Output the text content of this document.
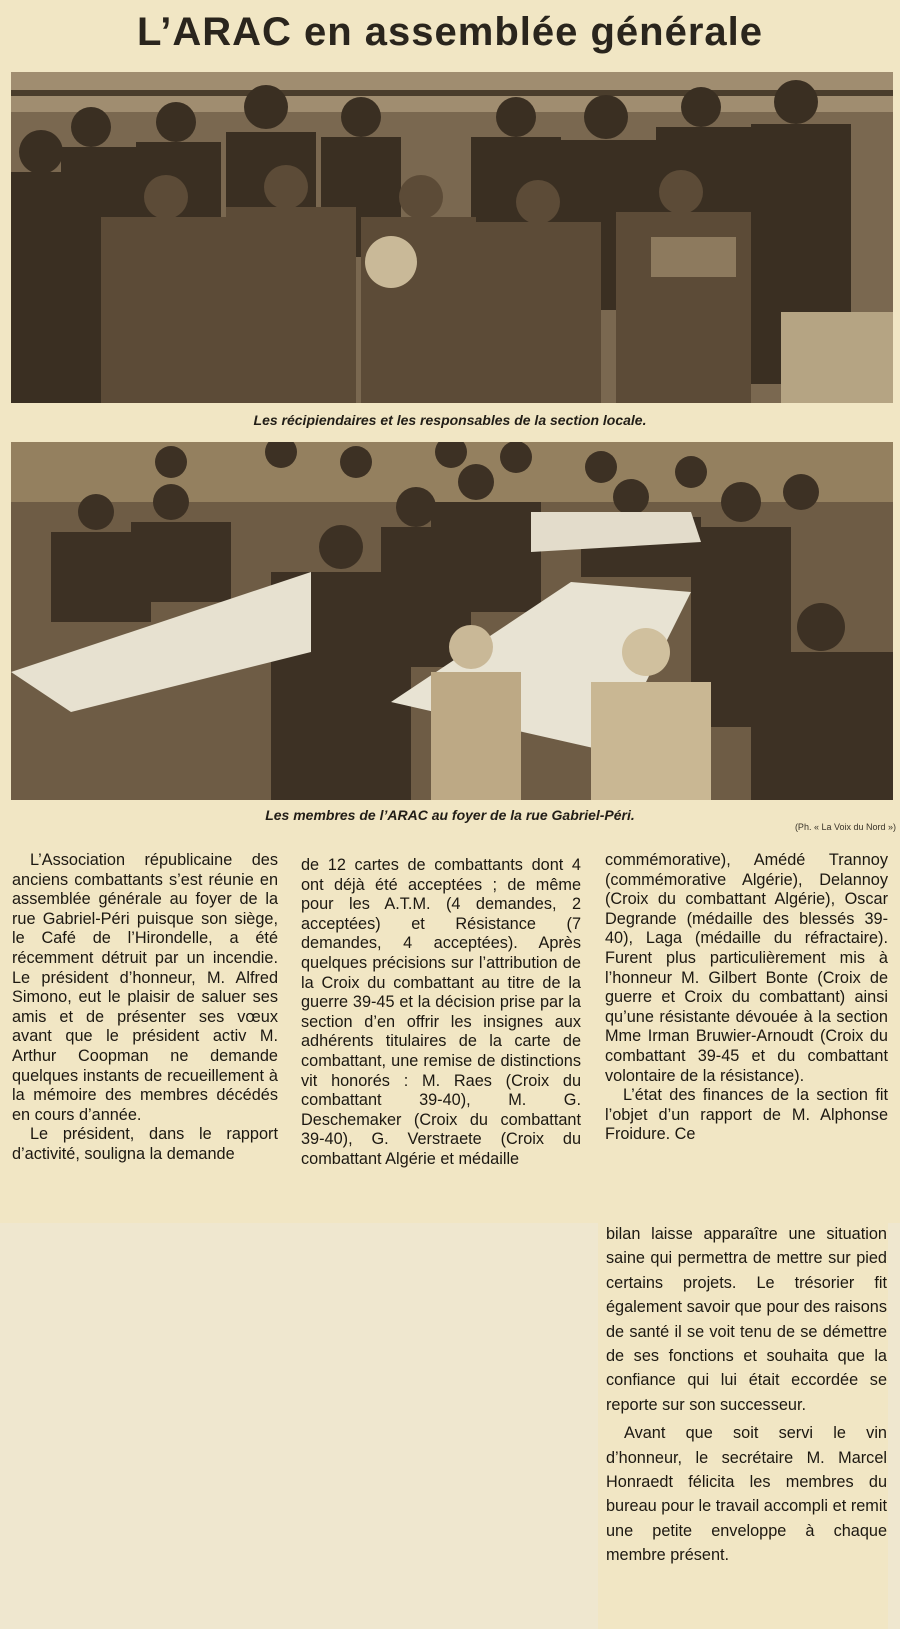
L’ARAC en assemblée générale
Les récipiendaires et les responsables de la section locale.
Les membres de l’ARAC au foyer de la rue Gabriel-Péri.
(Ph. « La Voix du Nord »)

L’Association républicaine des anciens combattants s’est réunie en assemblée générale au foyer de la rue Gabriel-Péri puisque son siège, le Café de l’Hirondelle, a été récemment détruit par un incendie. Le président d’honneur, M. Alfred Simono, eut le plaisir de saluer ses amis et de présenter ses vœux avant que le président activ M. Arthur Coopman ne demande quelques instants de recueillement à la mémoire des membres décédés en cours d’année.

Le président, dans le rapport d’activité, souligna la demande

de 12 cartes de combattants dont 4 ont déjà été acceptées ; de même pour les A.T.M. (4 demandes, 2 acceptées) et Résistance (7 demandes, 4 acceptées). Après quelques précisions sur l’attribution de la Croix du combattant au titre de la guerre 39-45 et la décision prise par la section d’en offrir les insignes aux adhérents titulaires de la carte de combattant, une remise de distinctions vit honorés : M. Raes (Croix du combattant 39-40), M. G. Deschemaker (Croix du combattant 39-40), G. Verstraete (Croix du combattant Algérie et médaille

commémorative), Amédé Trannoy (commémorative Algérie), Delannoy (Croix du combattant Algérie), Oscar Degrande (médaille des blessés 39-40), Laga (médaille du réfractaire). Furent plus particulièrement mis à l’honneur M. Gilbert Bonte (Croix de guerre et Croix du combattant) ainsi qu’une résistante dévouée à la section Mme Irman Bruwier-Arnoudt (Croix du combattant 39-45 et du combattant volontaire de la résistance).

L’état des finances de la section fit l’objet d’un rapport de M. Alphonse Froidure. Ce

bilan laisse apparaître une situation saine qui permettra de mettre sur pied certains projets. Le trésorier fit également savoir que pour des raisons de santé il se voit tenu de se démettre de ses fonctions et souhaita que la confiance qui lui était eccordée se reporte sur son successeur.

Avant que soit servi le vin d’honneur, le secrétaire M. Marcel Honraedt félicita les membres du bureau pour le travail accompli et remit une petite enveloppe à chaque membre présent.
